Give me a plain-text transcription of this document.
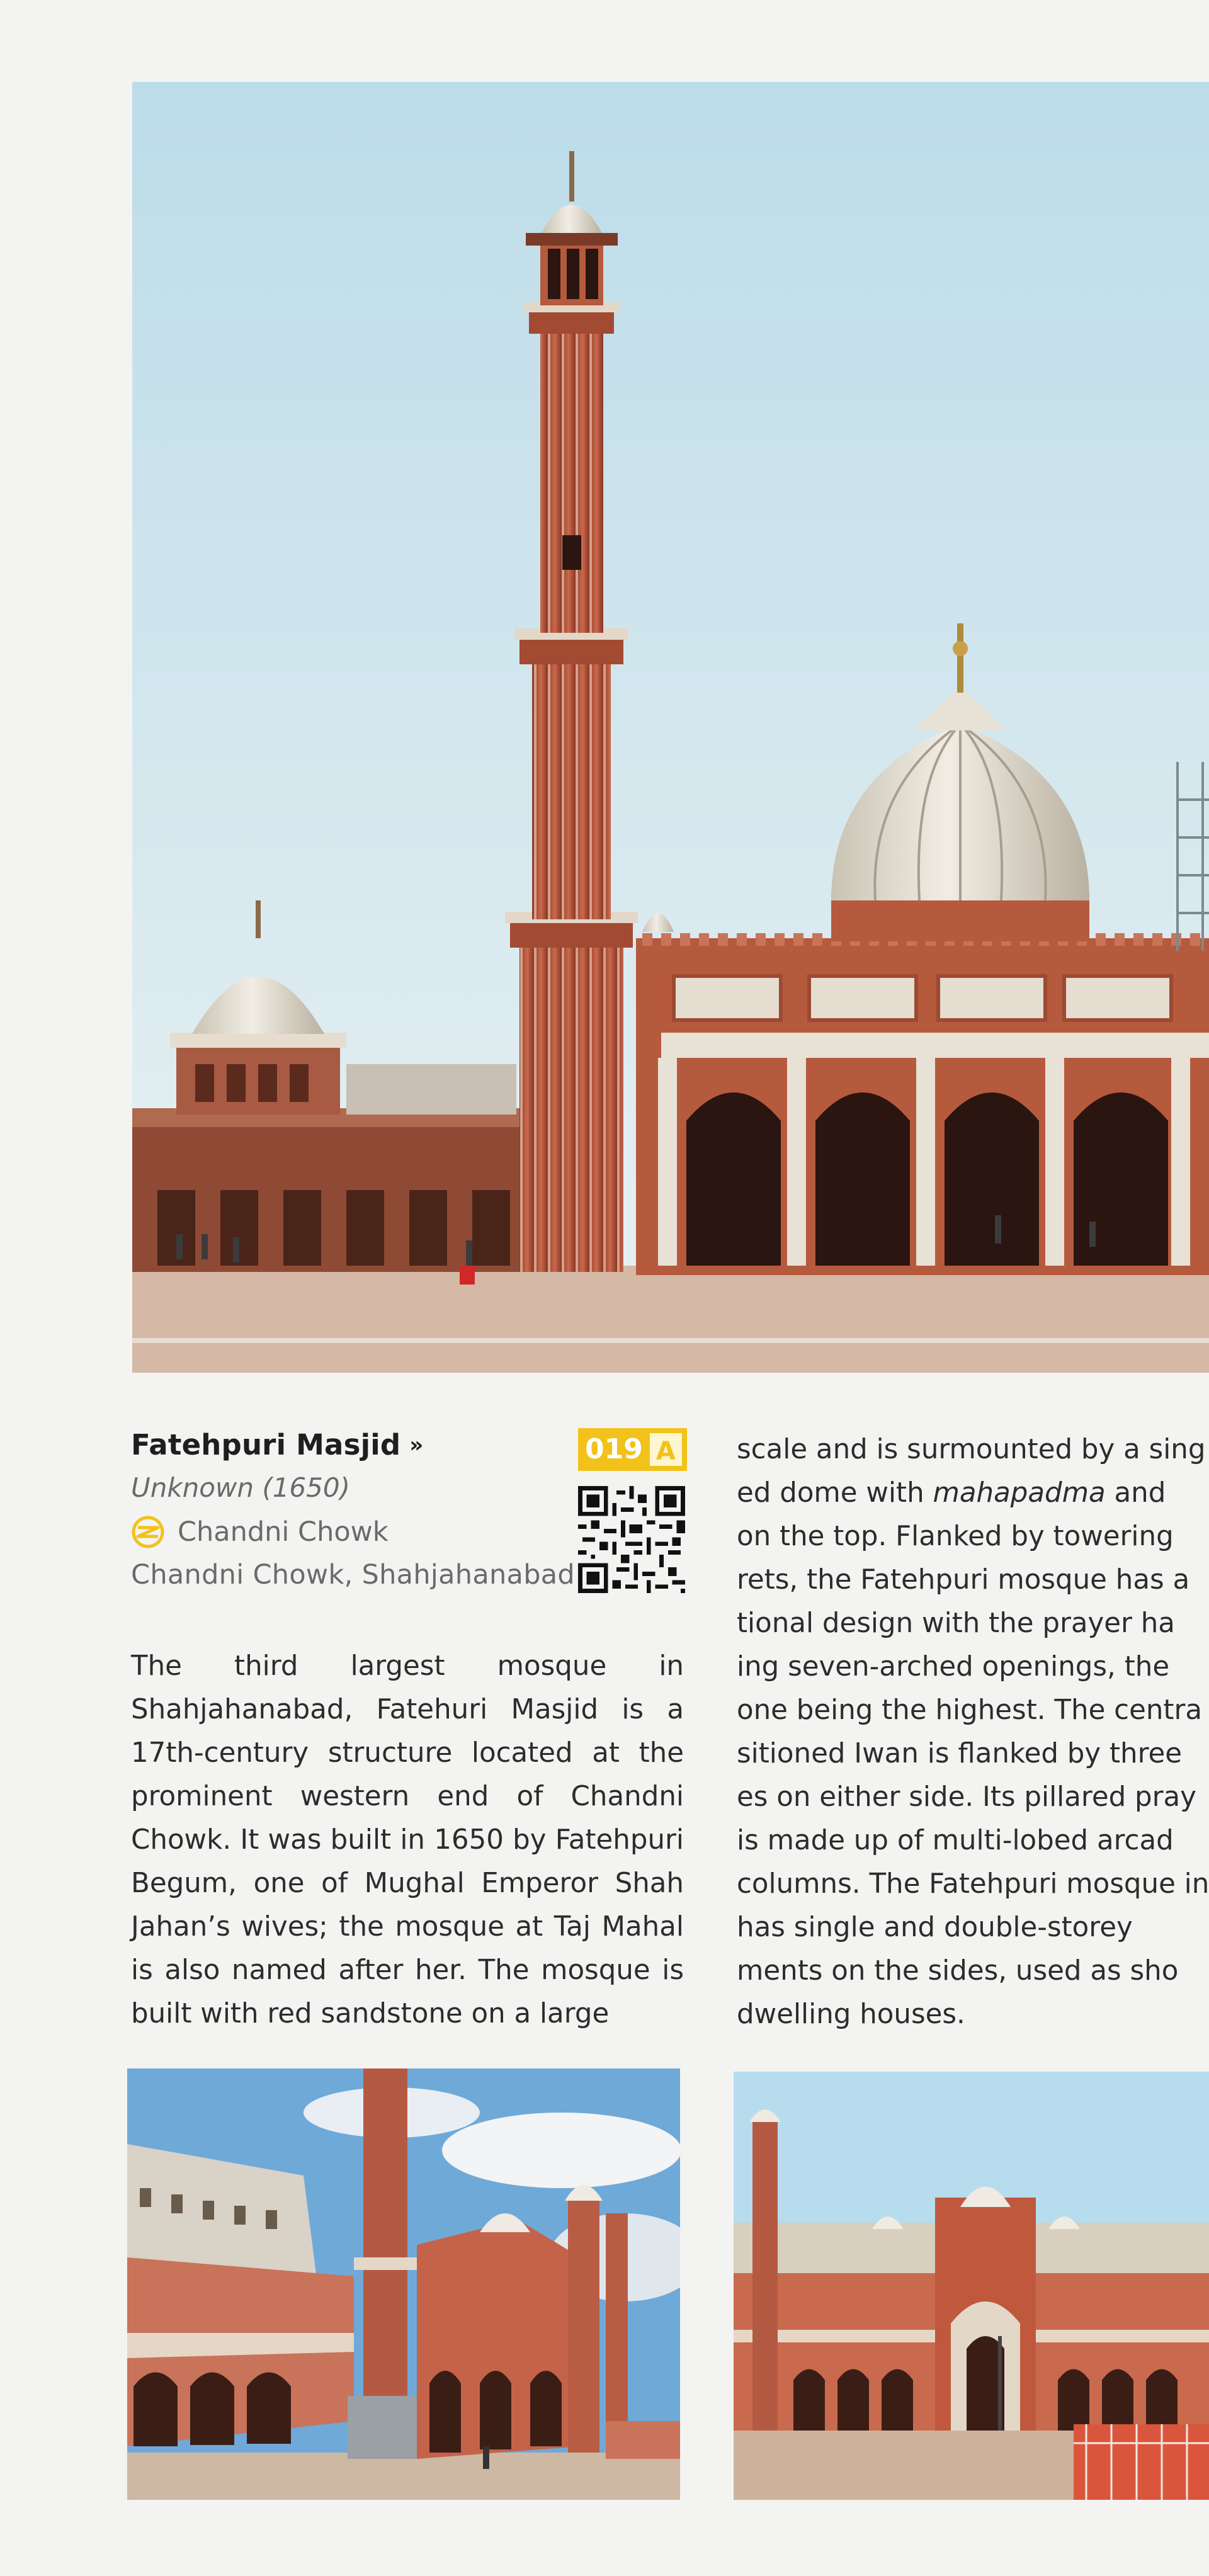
Fatehpuri Masjid »
Unknown (1650)
Chandni Chowk
Chandni Chowk, Shahjahanabad
019 A

The third largest mosque in Shahjahanabad, Fatehuri Masjid is a 17th-century structure located at the prominent western end of Chandni Chowk. It was built in 1650 by Fatehpuri Begum, one of Mughal Emperor Shah Jahan’s wives; the mosque at Taj Mahal is also named after her. The mosque is built with red sandstone on a large

scale and is surmounted by a sing
ed dome with mahapadma and
on the top. Flanked by towering
rets, the Fatehpuri mosque has a
tional design with the prayer ha
ing seven-arched openings, the
one being the highest. The centra
sitioned Iwan is flanked by three
es on either side. Its pillared pray
is made up of multi-lobed arcad
columns. The Fatehpuri mosque in
has single and double-storey
ments on the sides, used as sho
dwelling houses.
